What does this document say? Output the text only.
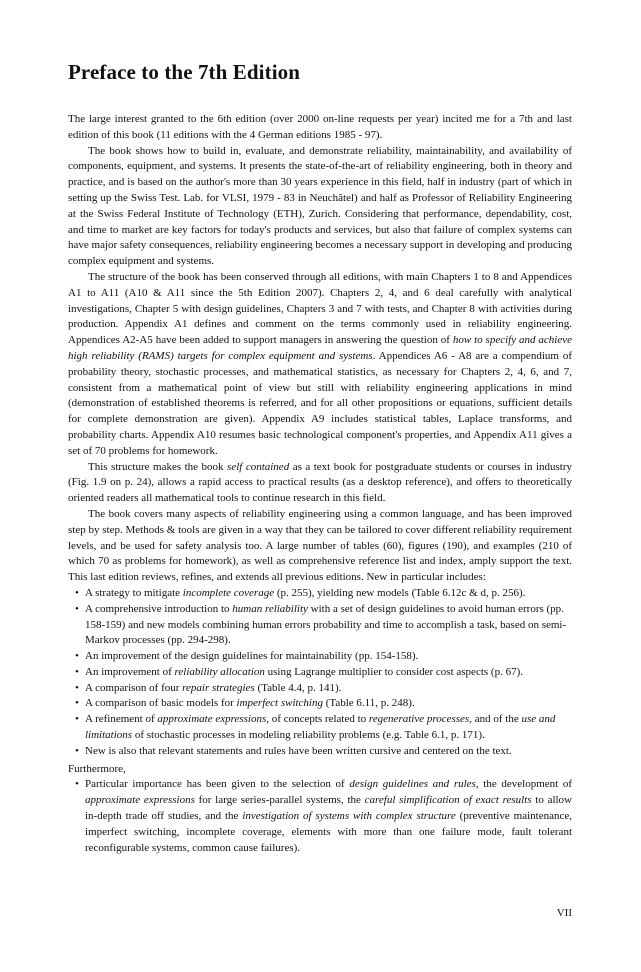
Preface to the 7th Edition

The large interest granted to the 6th edition (over 2000 on-line requests per year) incited me for a 7th and last edition of this book (11 editions with the 4 German editions 1985 - 97).

The book shows how to build in, evaluate, and demonstrate reliability, maintainability, and availability of components, equipment, and systems. It presents the state-of-the-art of reliability engineering, both in theory and practice, and is based on the author's more than 30 years experience in this field, half in industry (part of which in setting up the Swiss Test. Lab. for VLSI, 1979 - 83 in Neuchâtel) and half as Professor of Reliability Engineering at the Swiss Federal Institute of Technology (ETH), Zurich. Considering that performance, dependability, cost, and time to market are key factors for today's products and services, but also that failure of complex systems can have major safety consequences, reliability engineering becomes a necessary support in developing and producing complex equipment and systems.

The structure of the book has been conserved through all editions, with main Chapters 1 to 8 and Appendices A1 to A11 (A10 & A11 since the 5th Edition 2007). Chapters 2, 4, and 6 deal carefully with analytical investigations, Chapter 5 with design guidelines, Chapters 3 and 7 with tests, and Chapter 8 with activities during production. Appendix A1 defines and comment on the terms commonly used in reliability engineering. Appendices A2-A5 have been added to support managers in answering the question of how to specify and achieve high reliability (RAMS) targets for complex equipment and systems. Appendices A6 - A8 are a compendium of probability theory, stochastic processes, and mathematical statistics, as necessary for Chapters 2, 4, 6, and 7, consistent from a mathematical point of view but still with reliability engineering applications in mind (demonstration of established theorems is referred, and for all other propositions or equations, sufficient details for complete demonstration are given). Appendix A9 includes statistical tables, Laplace transforms, and probability charts. Appendix A10 resumes basic technological component's properties, and Appendix A11 gives a set of 70 problems for homework.

This structure makes the book self contained as a text book for postgraduate students or courses in industry (Fig. 1.9 on p. 24), allows a rapid access to practical results (as a desktop reference), and offers to theoretically oriented readers all mathematical tools to continue research in this field.

The book covers many aspects of reliability engineering using a common language, and has been improved step by step. Methods & tools are given in a way that they can be tailored to cover different reliability requirement levels, and be used for safety analysis too. A large number of tables (60), figures (190), and examples (210 of which 70 as problems for homework), as well as comprehensive reference list and index, amply support the text. This last edition reviews, refines, and extends all previous editions. New in particular includes:

• A strategy to mitigate incomplete coverage (p. 255), yielding new models (Table 6.12c & d, p. 256).
• A comprehensive introduction to human reliability with a set of design guidelines to avoid human errors (pp. 158-159) and new models combining human errors probability and time to accomplish a task, based on semi-Markov processes (pp. 294-298).
• An improvement of the design guidelines for maintainability (pp. 154-158).
• An improvement of reliability allocation using Lagrange multiplier to consider cost aspects (p. 67).
• A comparison of four repair strategies (Table 4.4, p. 141).
• A comparison of basic models for imperfect switching (Table 6.11, p. 248).
• A refinement of approximate expressions, of concepts related to regenerative processes, and of the use and limitations of stochastic processes in modeling reliability problems (e.g. Table 6.1, p. 171).
• New is also that relevant statements and rules have been written cursive and centered on the text.

Furthermore,

• Particular importance has been given to the selection of design guidelines and rules, the development of approximate expressions for large series-parallel systems, the careful simplification of exact results to allow in-depth trade off studies, and the investigation of systems with complex structure (preventive maintenance, imperfect switching, incomplete coverage, elements with more than one failure mode, fault tolerant reconfigurable systems, common cause failures).
VII
